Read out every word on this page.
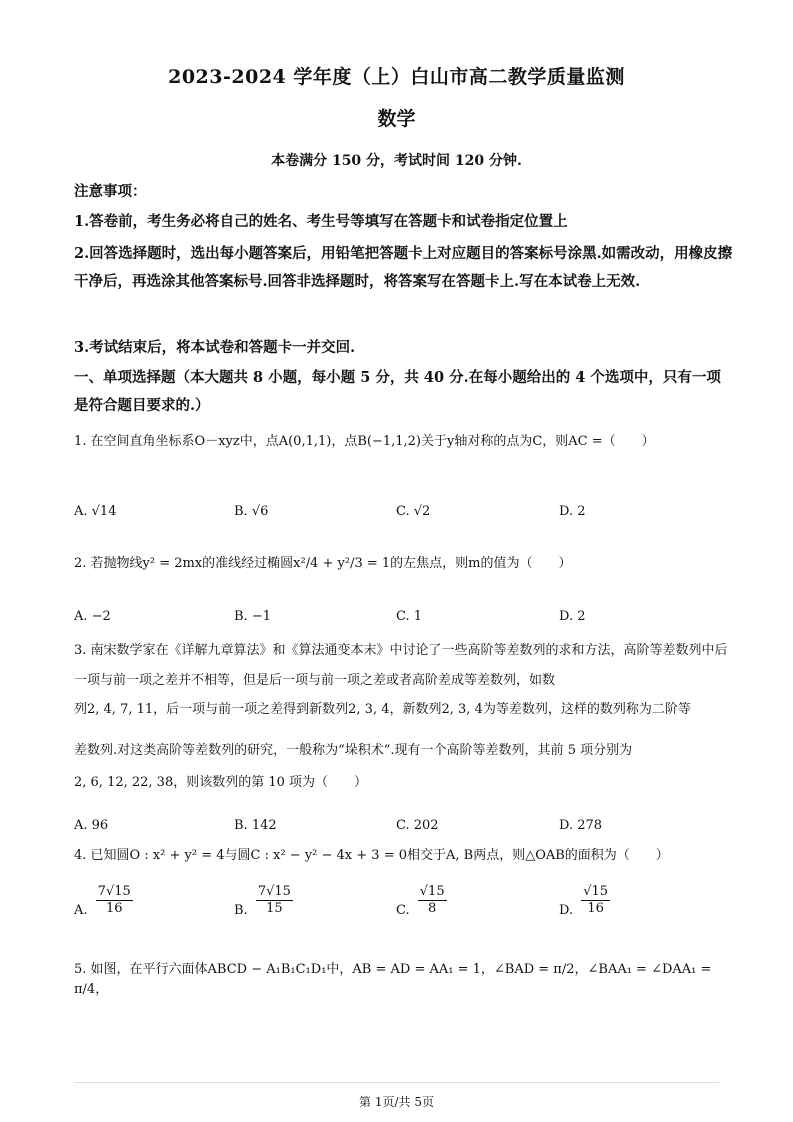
2023-2024 学年度（上）白山市高二教学质量监测
数学
本卷满分 150 分，考试时间 120 分钟.
注意事项：
1.答卷前，考生务必将自己的姓名、考生号等填写在答题卡和试卷指定位置上
2.回答选择题时，选出每小题答案后，用铅笔把答题卡上对应题目的答案标号涂黑.如需改动，用橡皮擦干净后，再选涂其他答案标号.回答非选择题时，将答案写在答题卡上.写在本试卷上无效.
3.考试结束后，将本试卷和答题卡一并交回.
一、单项选择题（本大题共 8 小题，每小题 5 分，共 40 分.在每小题给出的 4 个选项中，只有一项是符合题目要求的.）
1. 在空间直角坐标系O－xyz中，点A(0,1,1)，点B(−1,1,2)关于y轴对称的点为C，则AC =（　　）
A. √14	B. √6	C. √2	D. 2
2. 若抛物线y² = 2mx的准线经过椭圆x²/4 + y²/3 = 1的左焦点，则m的值为（　　）
A. −2	B. −1	C. 1	D. 2
3. 南宋数学家在《详解九章算法》和《算法通变本末》中讨论了一些高阶等差数列的求和方法，高阶等差数列中后一项与前一项之差并不相等，但是后一项与前一项之差或者高阶差成等差数列，如数
列2, 4, 7, 11，后一项与前一项之差得到新数列2, 3, 4，新数列2, 3, 4为等差数列，这样的数列称为二阶等
差数列.对这类高阶等差数列的研究，一般称为“垛积术”.现有一个高阶等差数列，其前 5 项分别为
2, 6, 12, 22, 38，则该数列的第 10 项为（　　）
A. 96	B. 142	C. 202	D. 278
4. 已知圆O : x² + y² = 4与圆C : x² − y² − 4x + 3 = 0相交于A, B两点，则△OAB的面积为（　　）
A. $\frac{7√15}{16}$	B. $\frac{7√15}{15}$	C. $\frac{√15}{8}$	D. $\frac{√15}{16}$
5. 如图，在平行六面体ABCD − A₁B₁C₁D₁中，AB = AD = AA₁ = 1，∠BAD = π/2，∠BAA₁ = ∠DAA₁ = π/4，
第 1页/共 5页
